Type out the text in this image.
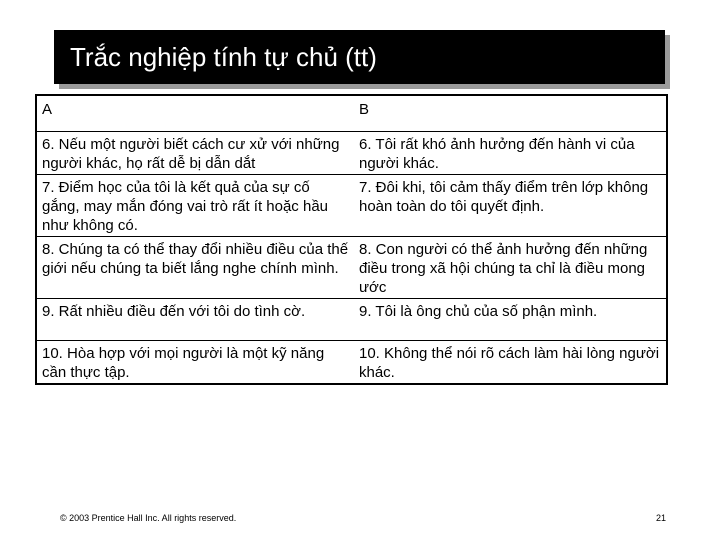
Trắc nghiệp tính tự chủ (tt)
A	B
6. Nếu một người biết cách cư xử với những người khác, họ rất dễ bị dẫn dắt	6. Tôi rất khó ảnh hưởng đến hành vi của người khác.
7. Điểm học của tôi là kết quả của sự cố gắng, may mắn đóng vai trò rất ít hoặc hầu như không có.	7. Đôi khi, tôi cảm thấy điểm trên lớp không hoàn toàn do tôi quyết định.
8. Chúng ta có thể thay đổi nhiều điều của thế giới nếu chúng ta biết lắng nghe chính mình.	8. Con người có thể ảnh hưởng đến những điều trong xã hội chúng ta chỉ là điều mong ước
9. Rất nhiều điều đến với tôi do tình cờ.	9. Tôi là ông chủ của số phận mình.
10. Hòa hợp với mọi người là một kỹ năng cần thực tập.	10. Không thể nói rõ cách làm hài lòng người khác.
© 2003 Prentice Hall Inc. All rights reserved.	21
